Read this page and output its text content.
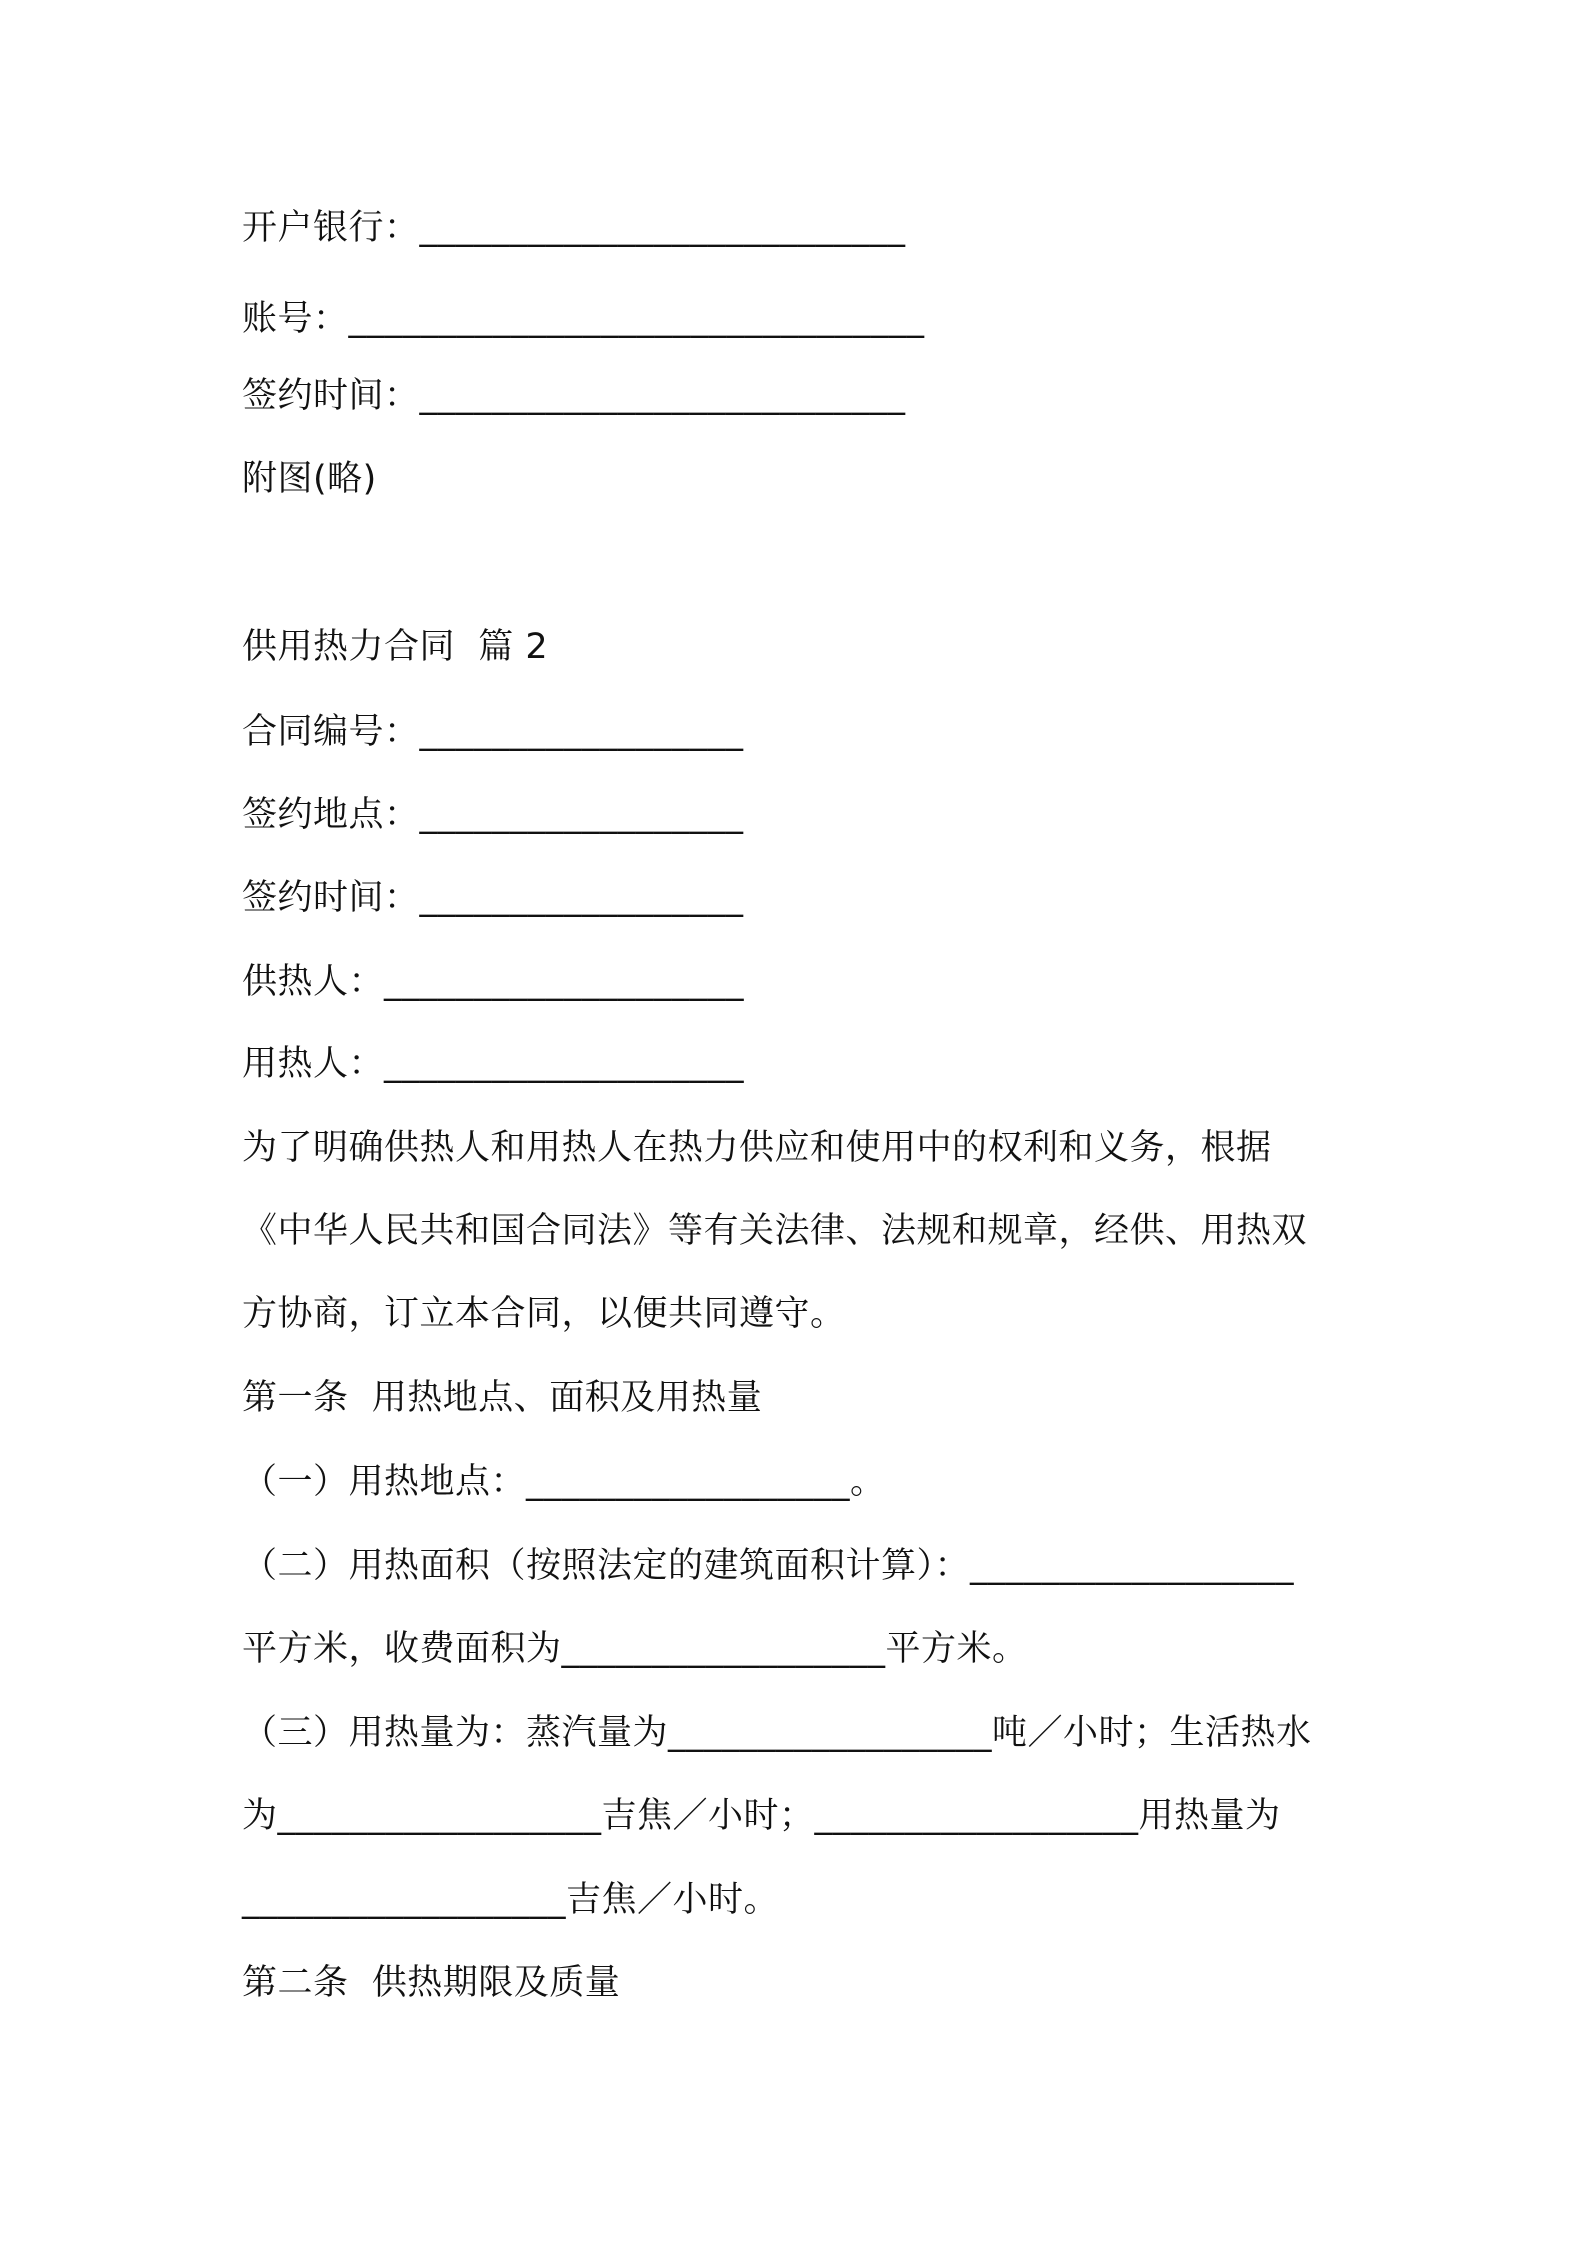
开户银行：___________________________
账号：________________________________
签约时间：___________________________
附图(略)
供用热力合同  篇 2
合同编号：__________________
签约地点：__________________
签约时间：__________________
供热人：____________________
用热人：____________________
为了明确供热人和用热人在热力供应和使用中的权利和义务，根据
《中华人民共和国合同法》等有关法律、法规和规章，经供、用热双
方协商，订立本合同，以便共同遵守。
第一条  用热地点、面积及用热量
（一）用热地点：__________________。
（二）用热面积（按照法定的建筑面积计算）：__________________
平方米，收费面积为__________________平方米。
（三）用热量为：蒸汽量为__________________吨／小时；生活热水
为__________________吉焦／小时；__________________用热量为
__________________吉焦／小时。
第二条  供热期限及质量
